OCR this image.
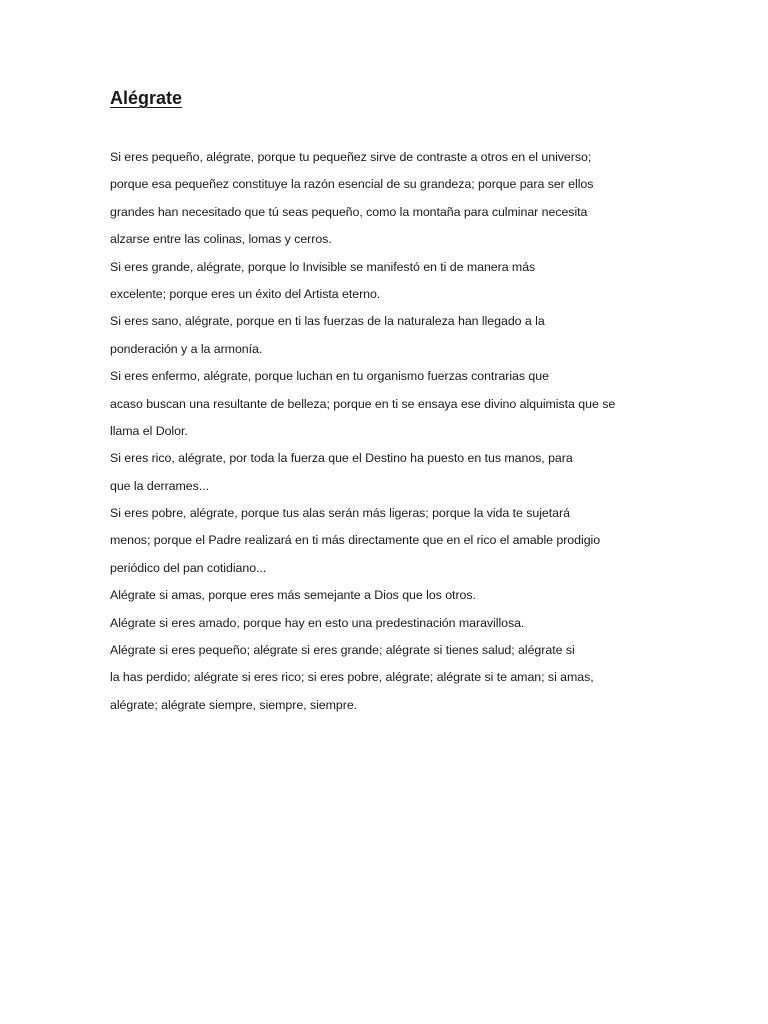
Alégrate
Si eres pequeño, alégrate, porque tu pequeñez sirve de contraste a otros en el universo;
porque esa pequeñez constituye la razón esencial de su grandeza; porque para ser ellos
grandes han necesitado que tú seas pequeño, como la montaña para culminar necesita
alzarse entre las colinas, lomas y cerros.
Si eres grande, alégrate, porque lo Invisible se manifestó en ti de manera más
excelente; porque eres un éxito del Artista eterno.
Si eres sano, alégrate, porque en ti las fuerzas de la naturaleza han llegado a la
ponderación y a la armonía.
Si eres enfermo, alégrate, porque luchan en tu organismo fuerzas contrarias que
acaso buscan una resultante de belleza; porque en ti se ensaya ese divino alquimista que se
llama el Dolor.
Si eres rico, alégrate, por toda la fuerza que el Destino ha puesto en tus manos, para
que la derrames...
Si eres pobre, alégrate, porque tus alas serán más ligeras; porque la vida te sujetará
menos; porque el Padre realizará en ti más directamente que en el rico el amable prodigio
periódico del pan cotidiano...
Alégrate si amas, porque eres más semejante a Dios que los otros.
Alégrate si eres amado, porque hay en esto una predestinación maravillosa.
Alégrate si eres pequeño; alégrate si eres grande; alégrate si tienes salud; alégrate si
la has perdido; alégrate si eres rico; si eres pobre, alégrate; alégrate si te aman; si amas,
alégrate; alégrate siempre, siempre, siempre.
